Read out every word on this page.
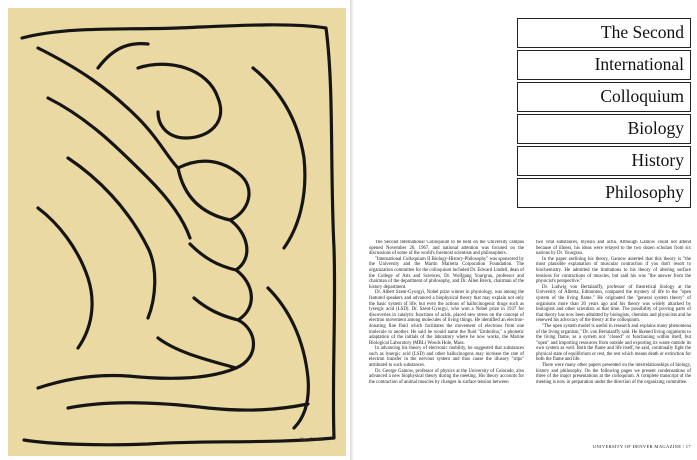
Yan Glinert
The Second
International
Colloquium
Biology
History
Philosophy

The Second International Colloquium to be held on the University campus opened November 26, 1967, and national attention was focused on the discussions of some of the world's foremost scientists and philosophers.

"International Colloquium II Biology-History-Philosophy" was sponsored by the University and the Martin Marietta Corporation Foundation. The organization committee for the colloquium included Dr. Edward Lindell, dean of the College of Arts and Sciences, Dr. Wolfgang Yourgrau, professor and chairman of the department of philosophy, and Dr. Allen Breck, chairman of the history department.

Dr. Albert Szent-Gyorgyi, Nobel prize winner in physiology, was among the featured speakers and advanced a biophysical theory that may explain not only the basic system of life, but even the actions of hallucinogenic drugs such as lysergic acid (LSD). Dr. Szent-Gyorgyi, who won a Nobel prize in 1937 for discoveries in catalytic functions of acids, placed new stress on the concept of electron movement among molecules of living things. He identified an electron-donating fine fluid which facilitates the movement of electrons from one molecule to another. He said he would name the fluid "Embolina," a phonetic adaptation of the initials of the laboratory where he now works, the Marine Biological Laboratory (MBL) Woods Hole, Mass.

In advancing his theory of electronic mobility, he suggested that substances such as lysergic acid (LSD) and other hallucinogens may increase the rate of electron transfer in the nervous system and thus cause the illusory "trips" attributed to such substances.

Dr. George Gamow, professor of physics at the University of Colorado, also advanced a new biophysical theory during the meeting. His theory accounts for the contraction of animal muscles by changes in surface tension between

two vital substances, myosin and actin. Although Gamow could not attend because of illness, his ideas were relayed to the two dozen scholars from six nations by Dr. Yourgrau.

In the paper outlining his theory, Gamow asserted that this theory is "the most plausible explanation of muscular contraction if you don't resort to biochemistry. He admitted the limitations to his theory of altering surface tensions for contractions of muscles, but said his was "the answer from the physicist's perspective."

Dr. Ludwig von Bertalanffy, professor of theoretical biology at the University of Alberta, Edmonton, compared the mystery of life to the "open system of the living flame." He originated the "general system theory" of organisms more than 20 years ago and his theory was widely attacked by biologists and other scientists at that time. The possibility of proving parts of that theory has now been admitted by biologists, chemists and physicists and he renewed his advocacy of the theory at the colloquium.

"The open system model is useful in research and explains many phenomena of the living organism," Dr. von Bertalanffy said. He likened living organisms to the living flame, as a system not "closed" or functioning within itself, but "open" and importing resources from outside and exporting its waste outside its own system as well. Both the flame and life itself, he said, continually fight the physical state of equilibrium or rest, the rest which means death or extinction for both the flame and life.

There were many other papers presented on the interrelationships of biology, history and philosophy. On the following pages we present condensations of three of the major presentations at the colloquium. A complete transcript of the meeting is now in preparation under the direction of the organizing committee.

UNIVERSITY OF DENVER MAGAZINE / 17
